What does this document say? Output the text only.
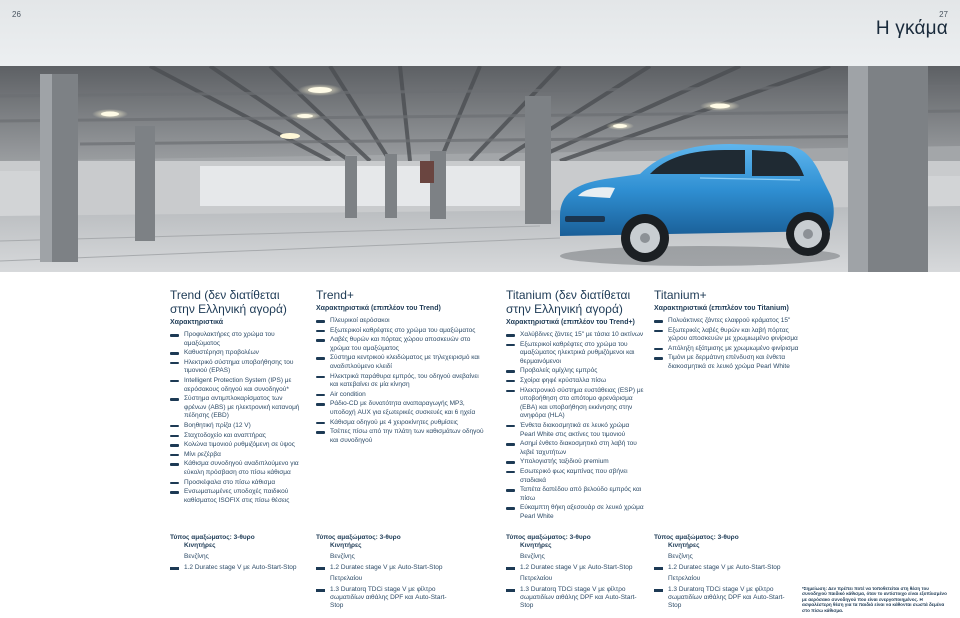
26	27
Η γκάμα
Trend (δεν διατίθεται στην Ελληνική αγορά)
Χαρακτηριστικά
Προφυλακτήρες στο χρώμα του αμαξώματος
Καθυστέρηση προβολέων
Ηλεκτρικό σύστημα υποβοήθησης του τιμονιού (EPAS)
Intelligent Protection System (IPS) με αερόσακους οδηγού και συνοδηγού*
Σύστημα αντιμπλοκαρίσματος των φρένων (ABS) με ηλεκτρονική κατανομή πέδησης (EBD)
Βοηθητική πρίζα (12 V)
Σταχτοδοχείο και αναπτήρας
Κολώνα τιμονιού ρυθμιζόμενη σε ύψος
Μίνι ρεζέρβα
Κάθισμα συνοδηγού αναδιπλούμενο για εύκολη πρόσβαση στο πίσω κάθισμα
Προσκέφαλα στο πίσω κάθισμα
Ενσωματωμένες υποδοχές παιδικού καθίσματος ISOFIX στις πίσω θέσεις
Trend+
Χαρακτηριστικά (επιπλέον του Trend)
Πλευρικοί αερόσακοι
Εξωτερικοί καθρέφτες στο χρώμα του αμαξώματος
Λαβές θυρών και πόρτας χώρου αποσκευών στο χρώμα του αμαξώματος
Σύστημα κεντρικού κλειδώματος με τηλεχειρισμό και αναδιπλούμενο κλειδί
Ηλεκτρικά παράθυρα εμπρός, του οδηγού ανεβαίνει και κατεβαίνει σε μία κίνηση
Air condition
Ράδιο-CD με δυνατότητα αναπαραγωγής MP3, υποδοχή AUX για εξωτερικές συσκευές και 6 ηχεία
Κάθισμα οδηγού με 4 χειροκίνητες ρυθμίσεις
Τσέπες πίσω από την πλάτη των καθισμάτων οδηγού και συνοδηγού
Titanium (δεν διατίθεται στην Ελληνική αγορά)
Χαρακτηριστικά (επιπλέον του Trend+)
Χαλύβδινες ζάντες 15" με τάσια 10 ακτίνων
Εξωτερικοί καθρέφτες στο χρώμα του αμαξώματος ηλεκτρικά ρυθμιζόμενοι και θερμαινόμενοι
Προβολείς ομίχλης εμπρός
Σχοίρα φηφέ κρύσταλλα πίσω
Ηλεκτρονικό σύστημα ευστάθειας (ESP) με υποβοήθηση στο απότομο φρενάρισμα (EBA) και υποβοήθηση εκκίνησης στην ανηφόρα (HLA)
Ένθετα διακοσμητικά σε λευκό χρώμα Pearl White στις ακτίνες του τιμονιού
Ασημί ένθετο διακοσμητικό στη λαβή του λεβιέ ταχυτήτων
Υπολογιστής ταξιδιού premium
Εσωτερικό φως καμπίνας που σβήνει σταδιακά
Ταπέτα δαπέδου από βελούδο εμπρός και πίσω
Εύκαμπτη θήκη αξεσουάρ σε λευκό χρώμα Pearl White
Titanium+
Χαρακτηριστικά (επιπλέον του Titanium)
Πολυάκτινες ζάντες ελαφρού κράματος 15"
Εξωτερικές λαβές θυρών και λαβή πόρτας χώρου αποσκευών με χρωμιωμένο φινίρισμα
Απόληξη εξάτμισης με χρωμιωμένο φινίρισμα
Τιμόνι με δερμάτινη επένδυση και ένθετα διακοσμητικά σε λευκό χρώμα Pearl White
Τύπος αμαξώματος: 3-θυρο
Κινητήρες
Βενζίνης
1.2 Duratec stage V με Auto-Start-Stop
Τύπος αμαξώματος: 3-θυρο
Κινητήρες
Βενζίνης
1.2 Duratec stage V με Auto-Start-Stop
Πετρελαίου
1.3 Duratorq TDCi stage V με φίλτρο σωματιδίων αιθάλης DPF και Auto-Start-Stop
Τύπος αμαξώματος: 3-θυρο
Κινητήρες
Βενζίνης
1.2 Duratec stage V με Auto-Start-Stop
Πετρελαίου
1.3 Duratorq TDCi stage V με φίλτρο σωματιδίων αιθάλης DPF και Auto-Start-Stop
Τύπος αμαξώματος: 3-θυρο
Κινητήρες
Βενζίνης
1.2 Duratec stage V με Auto-Start-Stop
Πετρελαίου
1.3 Duratorq TDCi stage V με φίλτρο σωματιδίων αιθάλης DPF και Auto-Start-Stop
*Σημείωση: Δεν πρέπει ποτέ να τοποθετείται στη θέση του συνοδηγού παιδικό κάθισμα, όταν το αντίστοιχο είναι εξοπλισμένο με αερόσακο συνοδηγού που είναι ενεργοποιημένος. Η ασφαλέστερη θέση για τα παιδιά είναι να κάθονται σωστά δεμένα στο πίσω κάθισμα.
